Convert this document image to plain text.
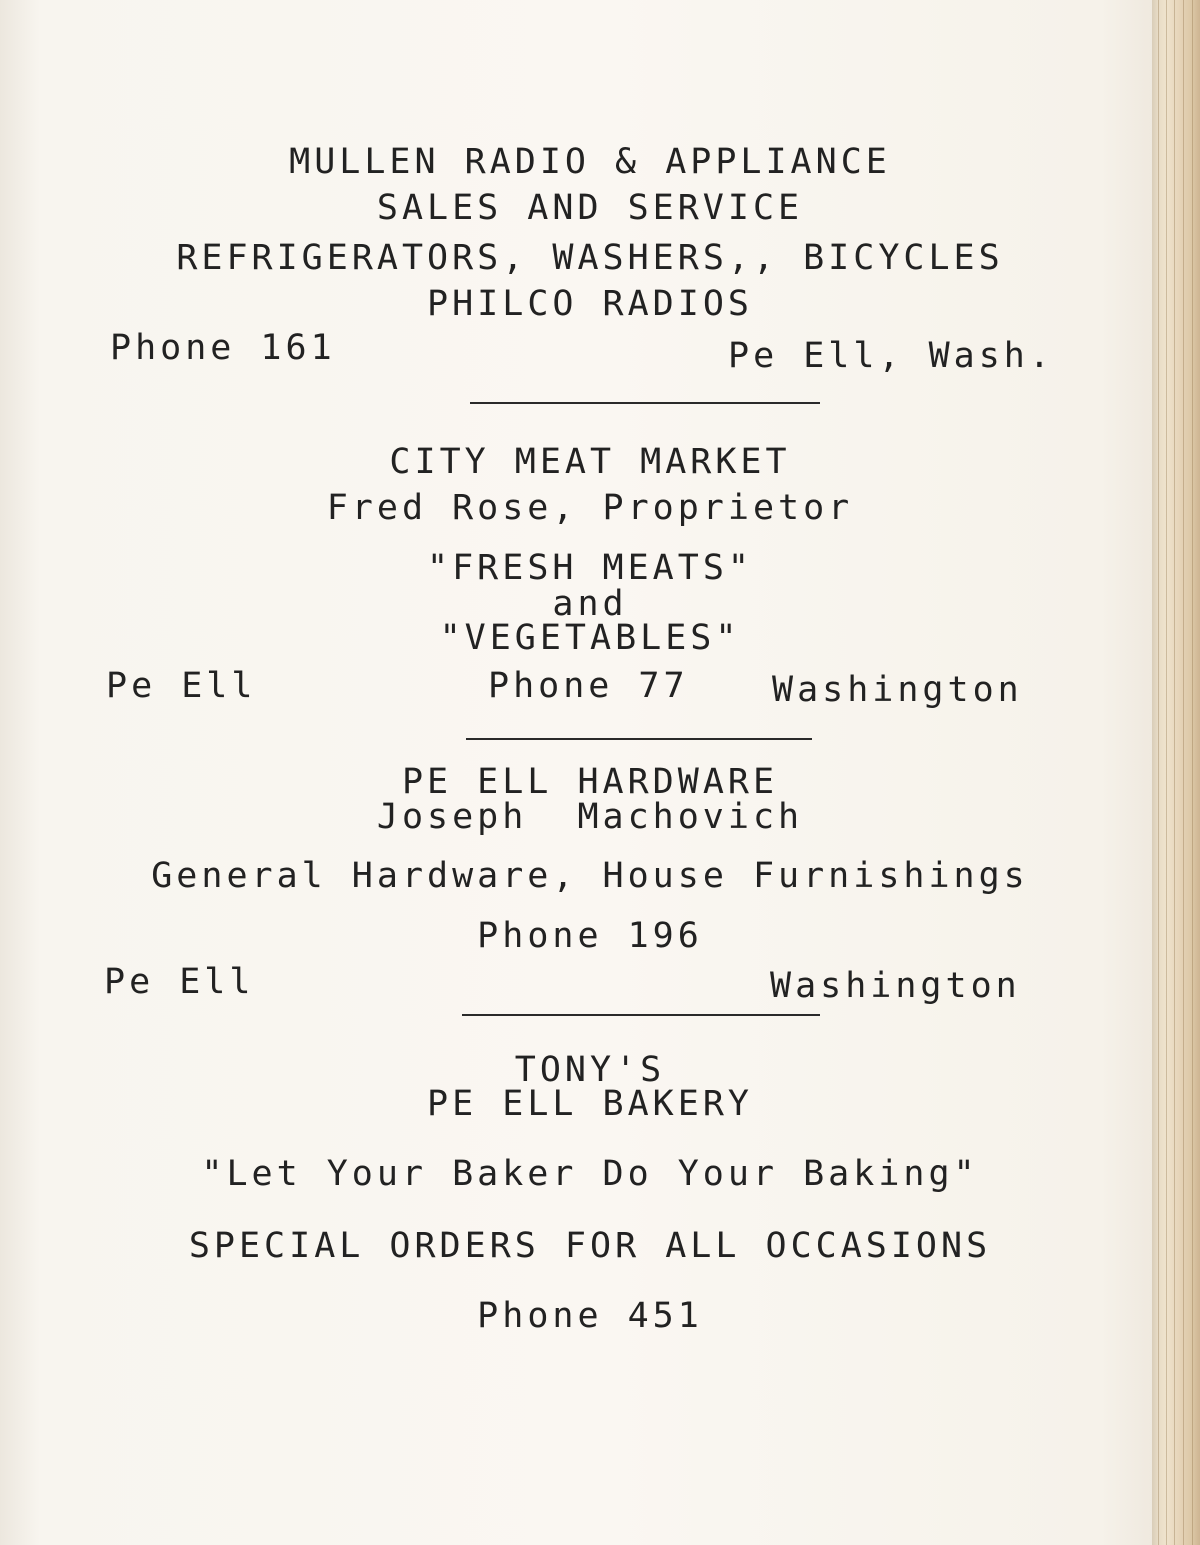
MULLEN RADIO & APPLIANCE
SALES AND SERVICE
REFRIGERATORS, WASHERS,, BICYCLES
PHILCO RADIOS
Phone 161	Pe Ell, Wash.
CITY MEAT MARKET
Fred Rose, Proprietor
"FRESH MEATS"
and
"VEGETABLES"
Pe Ell	Phone 77 Washington
PE ELL HARDWARE
Joseph  Machovich
General Hardware, House Furnishings
Phone 196
Pe Ell	Washington
TONY'S
PE ELL BAKERY
"Let Your Baker Do Your Baking"
SPECIAL ORDERS FOR ALL OCCASIONS
Phone 451
